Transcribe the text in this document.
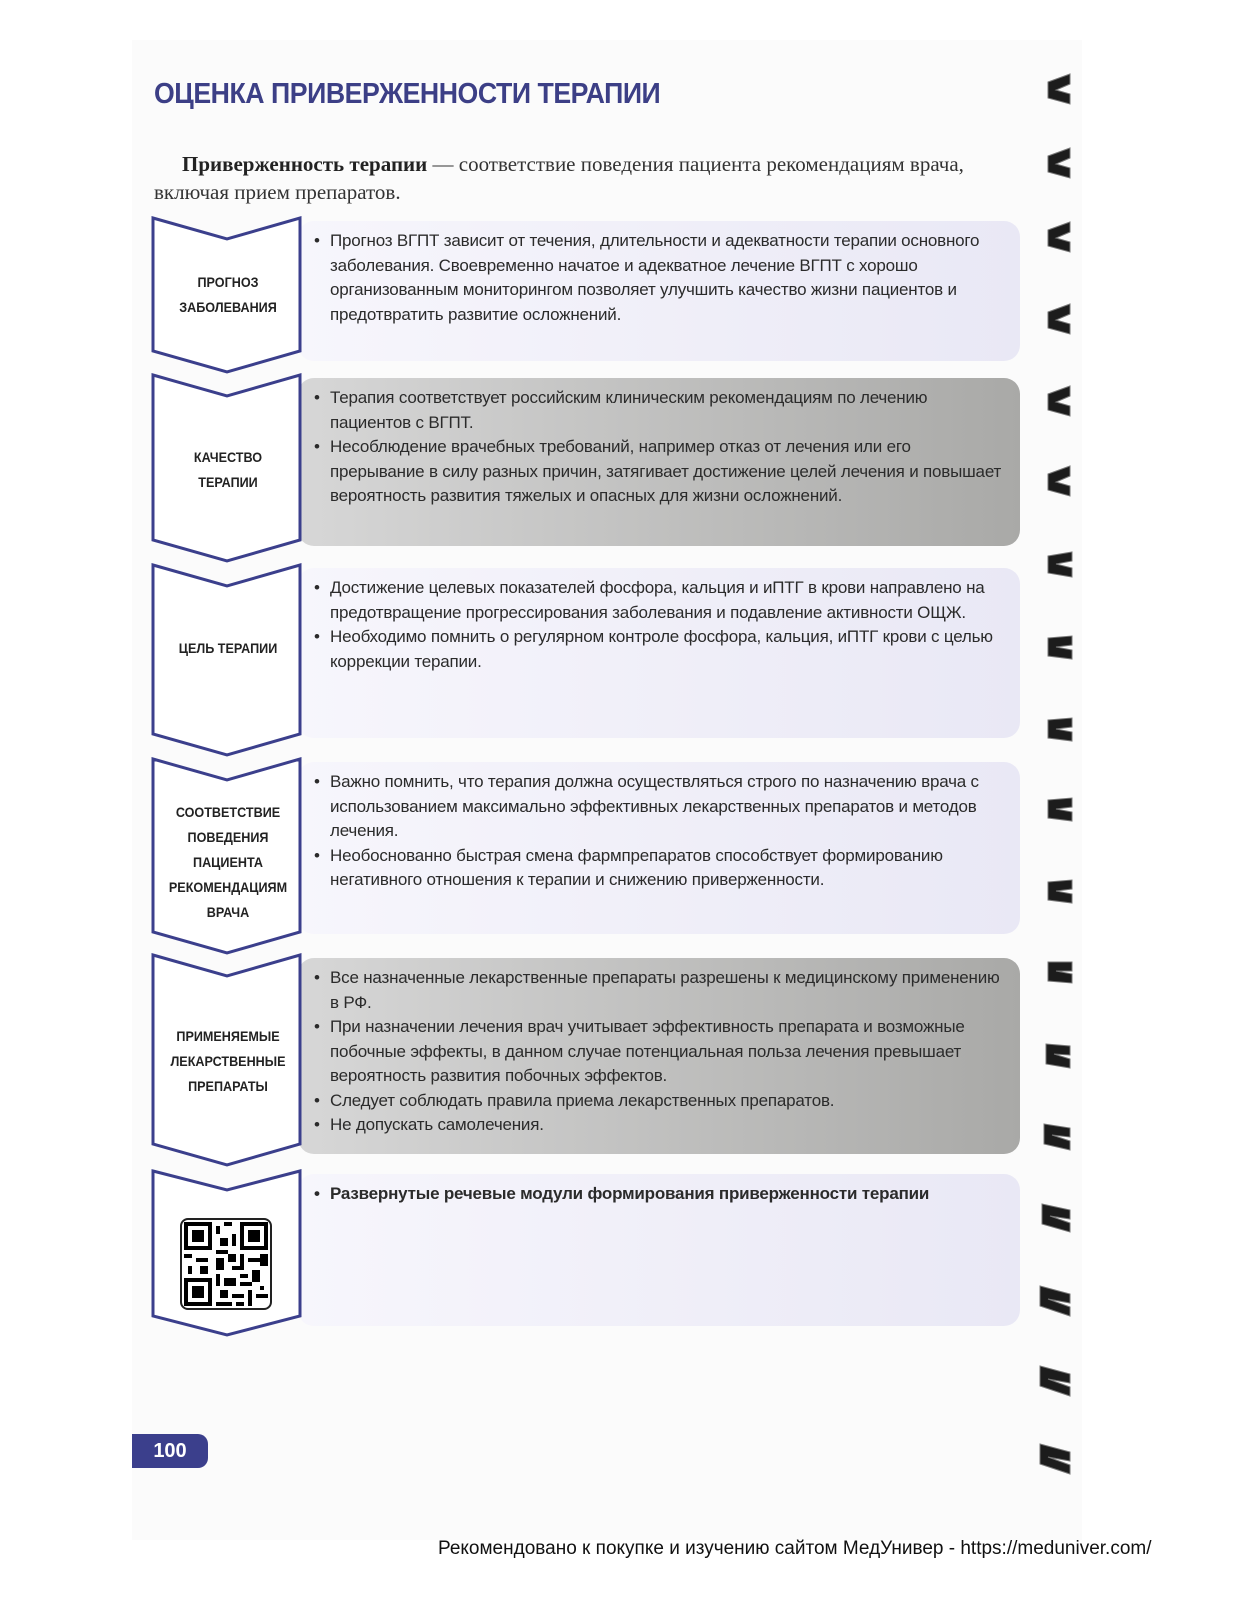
ОЦЕНКА ПРИВЕРЖЕННОСТИ ТЕРАПИИ

Приверженность терапии — соответствие поведения пациента рекомендациям врача, включая прием препаратов.

• Прогноз ВГПТ зависит от течения, длительности и адекватности терапии основного заболевания. Своевременно начатое и адекватное лечение ВГПТ с хорошо организованным мониторингом позволяет улучшить качество жизни пациентов и предотвратить развитие осложнений.
ПРОГНОЗ
ЗАБОЛЕВАНИЯ
• Терапия соответствует российским клиническим рекомендациям по лечению пациентов с ВГПТ.
• Несоблюдение врачебных требований, например отказ от лечения или его прерывание в силу разных причин, затягивает достижение целей лечения и повышает вероятность развития тяжелых и опасных для жизни осложнений.
КАЧЕСТВО
ТЕРАПИИ
• Достижение целевых показателей фосфора, кальция и иПТГ в крови направлено на предотвращение прогрессирования заболевания и подавление активности ОЩЖ.
• Необходимо помнить о регулярном контроле фосфора, кальция, иПТГ крови с целью коррекции терапии.
ЦЕЛЬ ТЕРАПИИ
• Важно помнить, что терапия должна осуществляться строго по назначению врача с использованием максимально эффективных лекарственных препаратов и методов лечения.
• Необоснованно быстрая смена фармпрепаратов способствует формированию негативного отношения к терапии и снижению приверженности.
СООТВЕТСТВИЕ
ПОВЕДЕНИЯ
ПАЦИЕНТА
РЕКОМЕНДАЦИЯМ
ВРАЧА
• Все назначенные лекарственные препараты разрешены к медицинскому применению в РФ.
• При назначении лечения врач учитывает эффективность препарата и возможные побочные эффекты, в данном случае потенциальная польза лечения превышает вероятность развития побочных эффектов.
• Следует соблюдать правила приема лекарственных препаратов.
• Не допускать самолечения.
ПРИМЕНЯЕМЫЕ
ЛЕКАРСТВЕННЫЕ
ПРЕПАРАТЫ
• Развернутые речевые модули формирования приверженности терапии
100
Рекомендовано к покупке и изучению сайтом МедУнивер - https://meduniver.com/
